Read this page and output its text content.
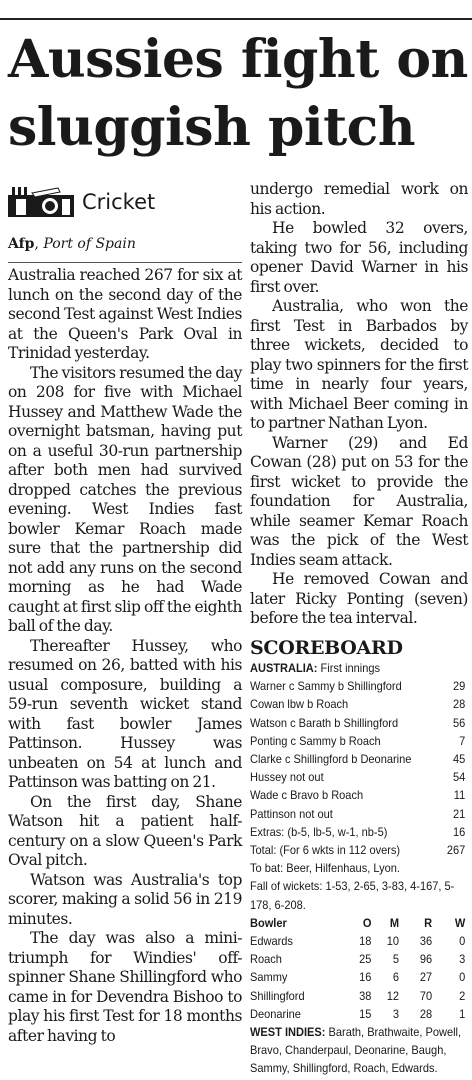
Aussies fight on sluggish pitch
Cricket
Afp, Port of Spain

Australia reached 267 for six at lunch on the second day of the second Test against West Indies at the Queen's Park Oval in Trinidad yesterday.

The visitors resumed the day on 208 for five with Michael Hussey and Matthew Wade the overnight batsman, having put on a useful 30-run partnership after both men had survived dropped catches the previous evening. West Indies fast bowler Kemar Roach made sure that the partnership did not add any runs on the second morning as he had Wade caught at first slip off the eighth ball of the day.

Thereafter Hussey, who resumed on 26, batted with his usual composure, building a 59-run seventh wicket stand with fast bowler James Pattinson. Hussey was unbeaten on 54 at lunch and Pattinson was batting on 21.

On the first day, Shane Watson hit a patient half-century on a slow Queen's Park Oval pitch.

Watson was Australia's top scorer, making a solid 56 in 219 minutes.

The day was also a mini-triumph for Windies' off-spinner Shane Shillingford who came in for Devendra Bishoo to play his first Test for 18 months after having to

undergo remedial work on his action.

He bowled 32 overs, taking two for 56, including opener David Warner in his first over.

Australia, who won the first Test in Barbados by three wickets, decided to play two spinners for the first time in nearly four years, with Michael Beer coming in to partner Nathan Lyon.

Warner (29) and Ed Cowan (28) put on 53 for the first wicket to provide the foundation for Australia, while seamer Kemar Roach was the pick of the West Indies seam attack.

He removed Cowan and later Ricky Ponting (seven) before the tea interval.

SCOREBOARD
AUSTRALIA: First innings
Warner c Sammy b Shillingford	29
Cowan lbw b Roach	28
Watson c Barath b Shillingford	56
Ponting c Sammy b Roach	7
Clarke c Shillingford b Deonarine	45
Hussey not out	54
Wade c Bravo b Roach	11
Pattinson not out	21
Extras: (b-5, lb-5, w-1, nb-5)	16
Total: (For 6 wkts in 112 overs)	267
To bat: Beer, Hilfenhaus, Lyon.
Fall of wickets: 1-53, 2-65, 3-83, 4-167, 5-178, 6-208.
Bowler	O	M	R	W
Edwards	18	10	36	0
Roach	25	5	96	3
Sammy	16	6	27	0
Shillingford	38	12	70	2
Deonarine	15	3	28	1
WEST INDIES: Barath, Brathwaite, Powell, Bravo, Chanderpaul, Deonarine, Baugh, Sammy, Shillingford, Roach, Edwards.
